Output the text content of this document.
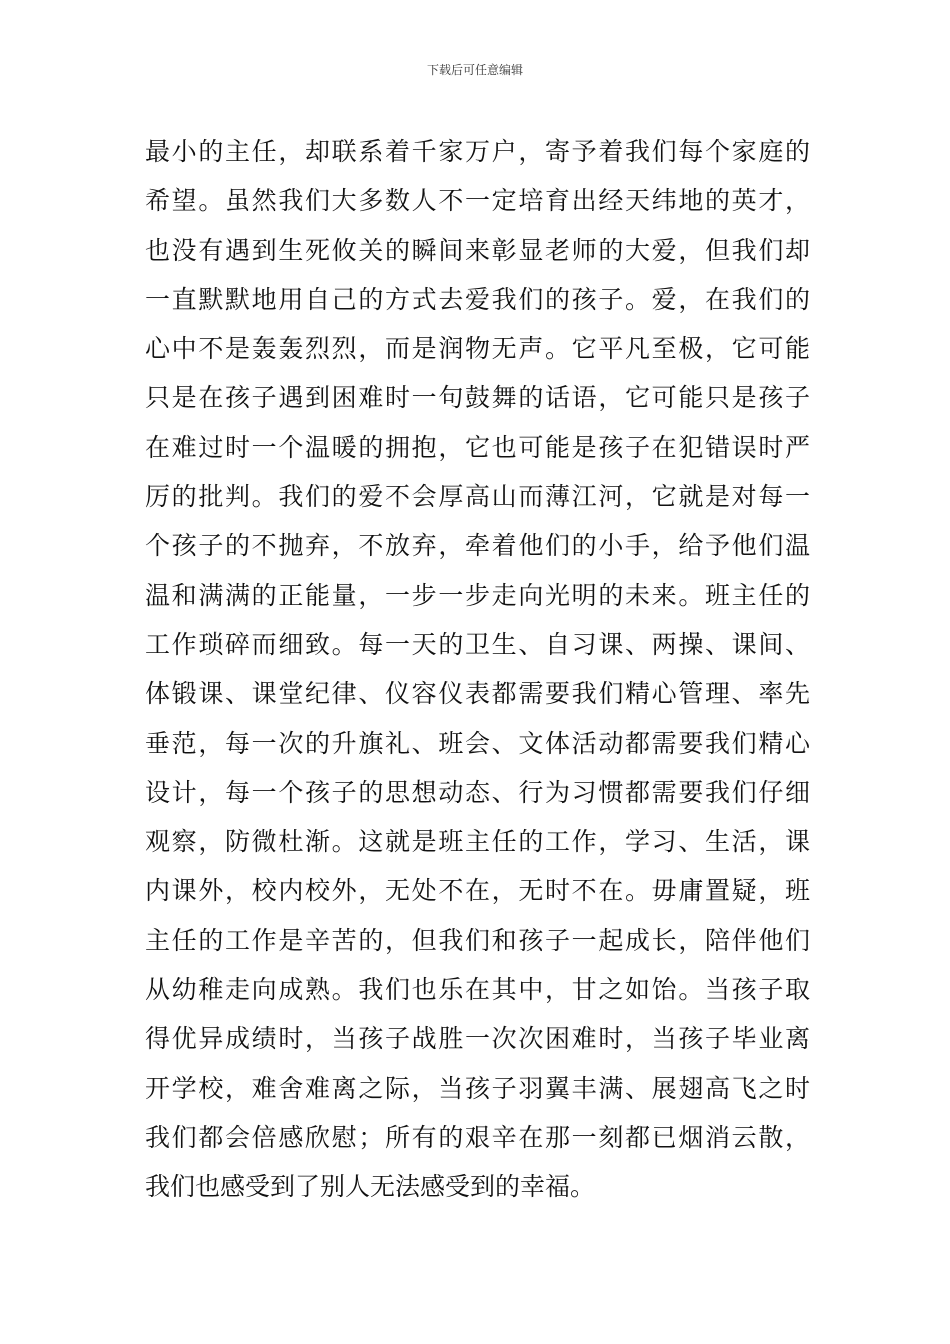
下载后可任意编辑
最小的主任，却联系着千家万户，寄予着我们每个家庭的
希望。虽然我们大多数人不一定培育出经天纬地的英才，
也没有遇到生死攸关的瞬间来彰显老师的大爱，但我们却
一直默默地用自己的方式去爱我们的孩子。爱，在我们的
心中不是轰轰烈烈，而是润物无声。它平凡至极，它可能
只是在孩子遇到困难时一句鼓舞的话语，它可能只是孩子
在难过时一个温暖的拥抱，它也可能是孩子在犯错误时严
厉的批判。我们的爱不会厚高山而薄江河，它就是对每一
个孩子的不抛弃，不放弃，牵着他们的小手，给予他们温
温和满满的正能量，一步一步走向光明的未来。班主任的
工作琐碎而细致。每一天的卫生、自习课、两操、课间、
体锻课、课堂纪律、仪容仪表都需要我们精心管理、率先
垂范，每一次的升旗礼、班会、文体活动都需要我们精心
设计，每一个孩子的思想动态、行为习惯都需要我们仔细
观察，防微杜渐。这就是班主任的工作，学习、生活，课
内课外，校内校外，无处不在，无时不在。毋庸置疑，班
主任的工作是辛苦的，但我们和孩子一起成长，陪伴他们
从幼稚走向成熟。我们也乐在其中，甘之如饴。当孩子取
得优异成绩时，当孩子战胜一次次困难时，当孩子毕业离
开学校，难舍难离之际，当孩子羽翼丰满、展翅高飞之时
我们都会倍感欣慰；所有的艰辛在那一刻都已烟消云散，
我们也感受到了别人无法感受到的幸福。
